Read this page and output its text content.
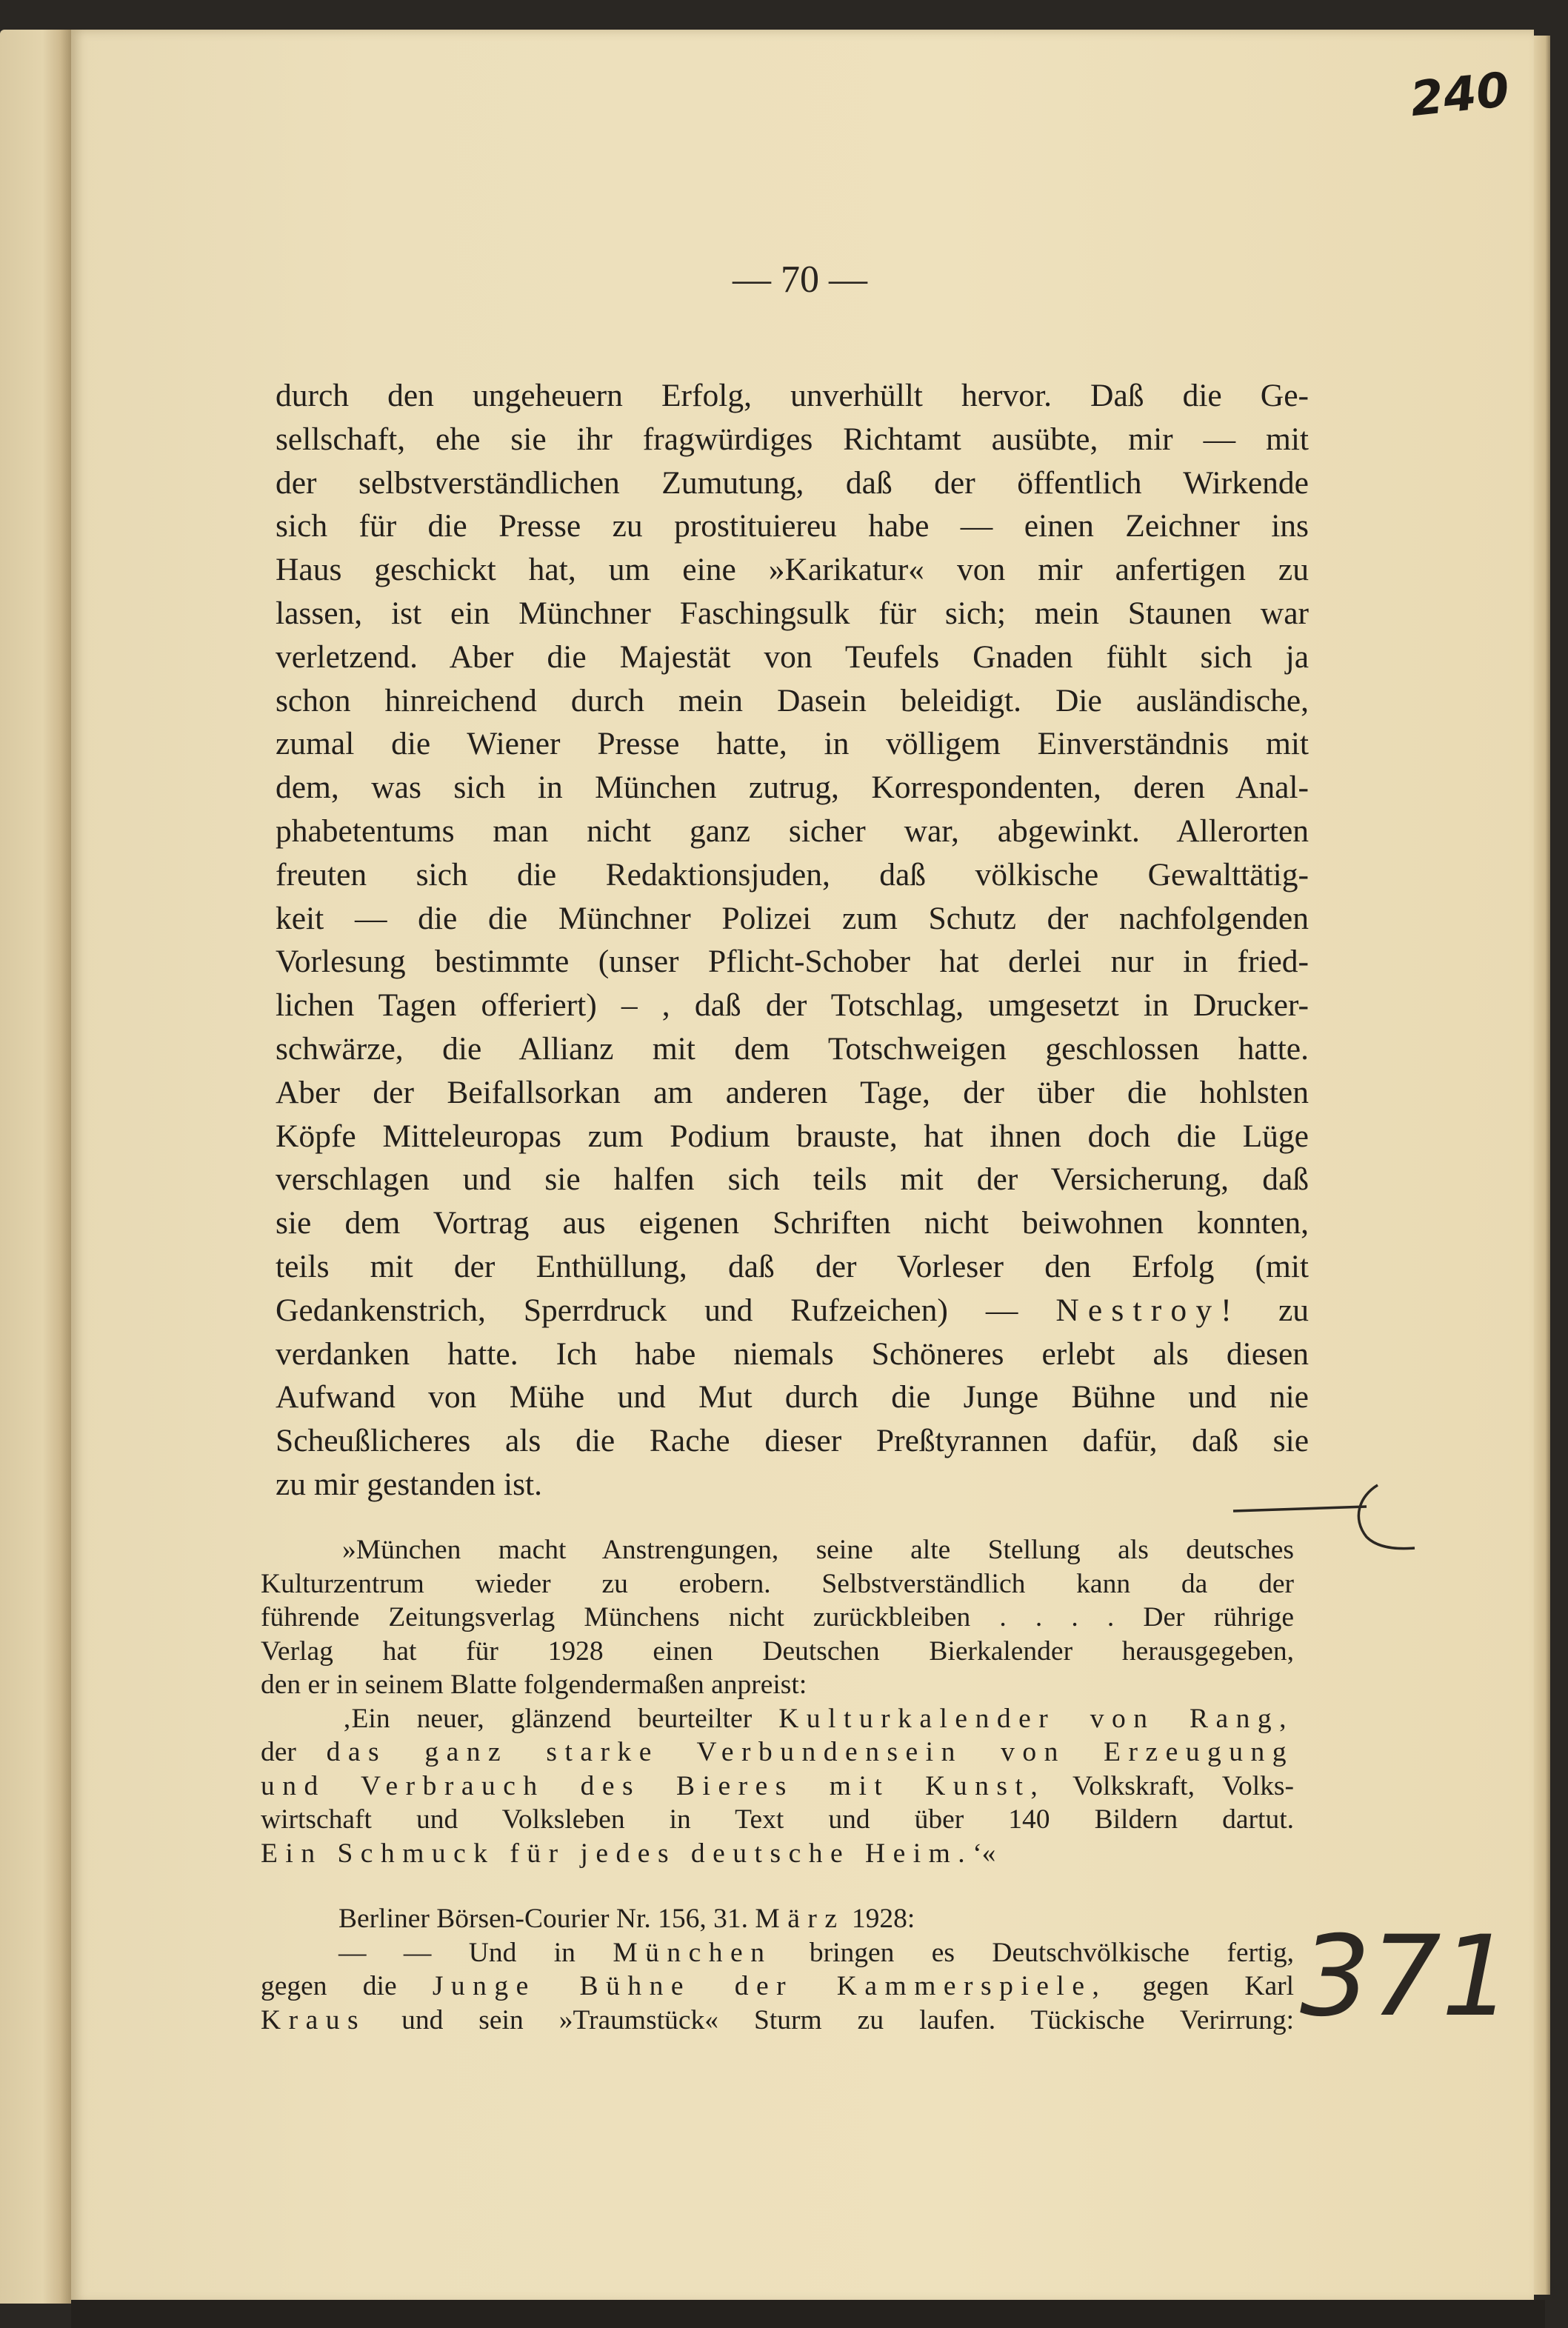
240
— 70 —
durch den ungeheuern Erfolg, unverhüllt hervor. Daß die Ge-
sellschaft, ehe sie ihr fragwürdiges Richtamt ausübte, mir — mit
der selbstverständlichen Zumutung, daß der öffentlich Wirkende
sich für die Presse zu prostituiereu habe — einen Zeichner ins
Haus geschickt hat, um eine »Karikatur« von mir anfertigen zu
lassen, ist ein Münchner Faschingsulk für sich; mein Staunen war
verletzend. Aber die Majestät von Teufels Gnaden fühlt sich ja
schon hinreichend durch mein Dasein beleidigt. Die ausländische,
zumal die Wiener Presse hatte, in völligem Einverständnis mit
dem, was sich in München zutrug, Korrespondenten, deren Anal-
phabetentums man nicht ganz sicher war, abgewinkt. Allerorten
freuten sich die Redaktionsjuden, daß völkische Gewalttätig-
keit — die die Münchner Polizei zum Schutz der nachfolgenden
Vorlesung bestimmte (unser Pflicht-Schober hat derlei nur in fried-
lichen Tagen offeriert) – , daß der Totschlag, umgesetzt in Drucker-
schwärze, die Allianz mit dem Totschweigen geschlossen hatte.
Aber der Beifallsorkan am anderen Tage, der über die hohlsten
Köpfe Mitteleuropas zum Podium brauste, hat ihnen doch die Lüge
verschlagen und sie halfen sich teils mit der Versicherung, daß
sie dem Vortrag aus eigenen Schriften nicht beiwohnen konnten,
teils mit der Enthüllung, daß der Vorleser den Erfolg (mit
Gedankenstrich, Sperrdruck und Rufzeichen) — Nestroy! zu
verdanken hatte. Ich habe niemals Schöneres erlebt als diesen
Aufwand von Mühe und Mut durch die Junge Bühne und nie
Scheußlicheres als die Rache dieser Preßtyrannen dafür, daß sie
zu mir gestanden ist.
»München macht Anstrengungen, seine alte Stellung als deutsches
Kulturzentrum wieder zu erobern. Selbstverständlich kann da der
führende Zeitungsverlag Münchens nicht zurückbleiben . . . . Der rührige
Verlag hat für 1928 einen Deutschen Bierkalender herausgegeben,
den er in seinem Blatte folgendermaßen anpreist:
‚Ein neuer, glänzend beurteilter Kulturkalender von Rang,
der das ganz starke Verbundensein von Erzeugung
und Verbrauch des Bieres mit Kunst, Volkskraft, Volks-
wirtschaft und Volksleben in Text und über 140 Bildern dartut.
Ein Schmuck für jedes deutsche Heim.‘«
Berliner Börsen-Courier Nr. 156, 31. März 1928:
— — Und in München bringen es Deutschvölkische fertig,
gegen die Junge Bühne der Kammerspiele, gegen Karl
Kraus und sein »Traumstück« Sturm zu laufen. Tückische Verirrung: 371
